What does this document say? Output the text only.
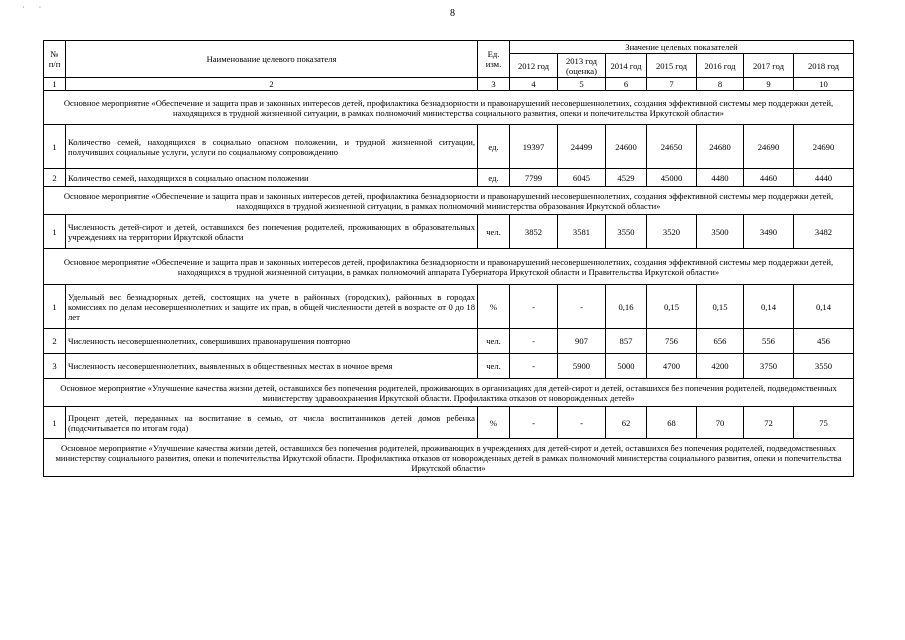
· ·
8
№ п/п	Наименование целевого показателя	Ед. изм.	Значение целевых показателей						
			2012 год	2013 год (оценка)	2014 год	2015 год	2016 год	2017 год	2018 год
1	2	3	4	5	6	7	8	9	10
Основное мероприятие «Обеспечение и защита прав и законных интересов детей, профилактика безнадзорности и правонарушений несовершеннолетних, создания эффективной системы мер поддержки детей, находящихся в трудной жизненной ситуации, в рамках полномочий министерства социального развития, опеки и попечительства Иркутской области»									
1	Количество семей, находящихся в социально опасном положении, и трудной жизненной ситуации, получивших социальные услуги, услуги по социальному сопровождению	ед.	19397	24499	24600	24650	24680	24690	24690
2	Количество семей, находящихся в социально опасном положении	ед.	7799	6045	4529	45000	4480	4460	4440
Основное мероприятие «Обеспечение и защита прав и законных интересов детей, профилактика безнадзорности и правонарушений несовершеннолетних, создания эффективной системы мер поддержки детей, находящихся в трудной жизненной ситуации, в рамках полномочий министерства образования Иркутской области»									
1	Численность детей-сирот и детей, оставшихся без попечения родителей, проживающих в образовательных учреждениях на территории Иркутской области	чел.	3852	3581	3550	3520	3500	3490	3482
Основное мероприятие «Обеспечение и защита прав и законных интересов детей, профилактика безнадзорности и правонарушений несовершеннолетних, создания эффективной системы мер поддержки детей, находящихся в трудной жизненной ситуации, в рамках полномочий аппарата Губернатора Иркутской области и Правительства Иркутской области»									
1	Удельный вес безнадзорных детей, состоящих на учете в районных (городских), районных в городах комиссиях по делам несовершеннолетних и защите их прав, в общей численности детей в возрасте от 0 до 18 лет	%	-	-	0,16	0,15	0,15	0,14	0,14
2	Численность несовершеннолетних, совершивших правонарушения повторно	чел.	-	907	857	756	656	556	456
3	Численность несовершеннолетних, выявленных в общественных местах в ночное время	чел.	-	5900	5000	4700	4200	3750	3550
Основное мероприятие «Улучшение качества жизни детей, оставшихся без попечения родителей, проживающих в организациях для детей-сирот и детей, оставшихся без попечения родителей, подведомственных министерству здравоохранения Иркутской области. Профилактика отказов от новорожденных детей»									
1	Процент детей, переданных на воспитание в семью, от числа воспитанников детей домов ребенка (подсчитывается по итогам года)	%	-	-	62	68	70	72	75
Основное мероприятие «Улучшение качества жизни детей, оставшихся без попечения родителей, проживающих в учреждениях для детей-сирот и детей, оставшихся без попечения родителей, подведомственных министерству социального развития, опеки и попечительства Иркутской области. Профилактика отказов от новорожденных детей в рамках полномочий министерства социального развития, опеки и попечительства Иркутской области»									
